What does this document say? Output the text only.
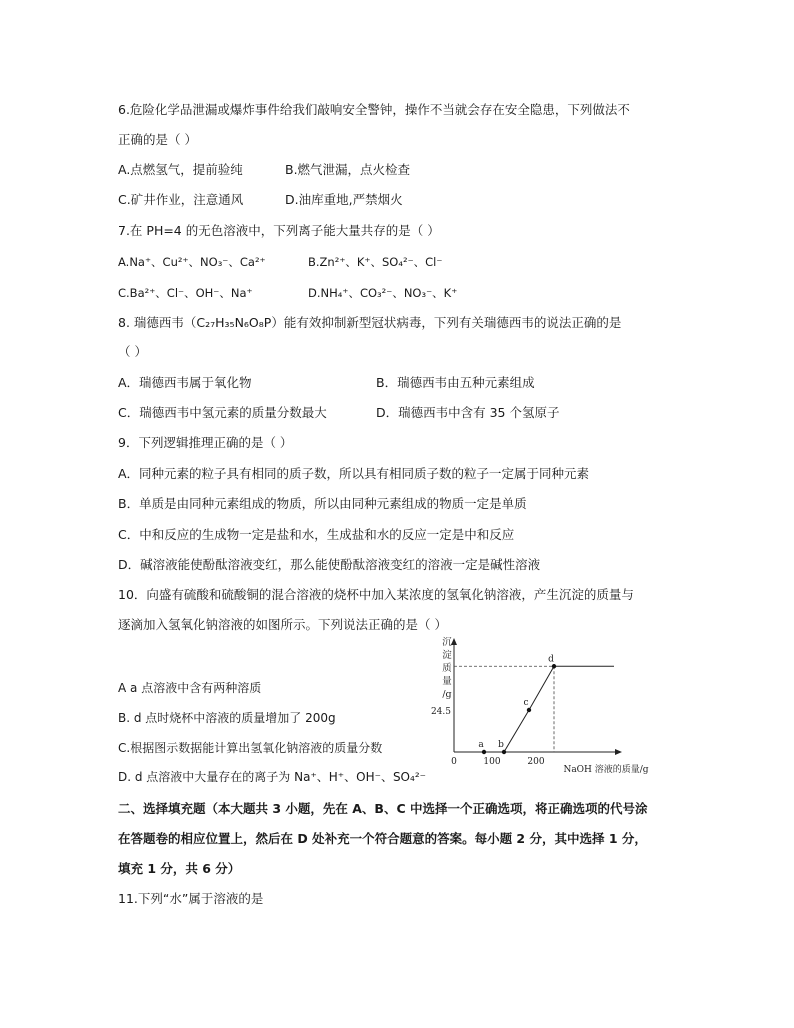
6.危险化学品泄漏或爆炸事件给我们敲响安全警钟，操作不当就会存在安全隐患，下列做法不
正确的是（ ）
A.点燃氢气，提前验纯	B.燃气泄漏，点火检查
C.矿井作业，注意通风	D.油库重地,严禁烟火
7.在 PH=4 的无色溶液中，下列离子能大量共存的是（ ）
A.Na⁺、Cu²⁺、NO₃⁻、Ca²⁺	B.Zn²⁺、K⁺、SO₄²⁻、Cl⁻
C.Ba²⁺、Cl⁻、OH⁻、Na⁺	D.NH₄⁺、CO₃²⁻、NO₃⁻、K⁺
8. 瑞德西韦（C₂₇H₃₅N₆O₈P）能有效抑制新型冠状病毒，下列有关瑞德西韦的说法正确的是
（ ）
A．瑞德西韦属于氧化物	B．瑞德西韦由五种元素组成
C．瑞德西韦中氢元素的质量分数最大	D．瑞德西韦中含有 35 个氢原子
9．下列逻辑推理正确的是（ ）
A．同种元素的粒子具有相同的质子数，所以具有相同质子数的粒子一定属于同种元素
B．单质是由同种元素组成的物质，所以由同种元素组成的物质一定是单质
C．中和反应的生成物一定是盐和水，生成盐和水的反应一定是中和反应
D．碱溶液能使酚酞溶液变红，那么能使酚酞溶液变红的溶液一定是碱性溶液
10．向盛有硫酸和硫酸铜的混合溶液的烧杯中加入某浓度的氢氧化钠溶液，产生沉淀的质量与
逐滴加入氢氧化钠溶液的如图所示。下列说法正确的是（ ）
A a 点溶液中含有两种溶质
B. d 点时烧杯中溶液的质量增加了 200g
C.根据图示数据能计算出氢氧化钠溶液的质量分数
D. d 点溶液中大量存在的离子为 Na⁺、H⁺、OH⁻、SO₄²⁻
沉
淀
质
量
/g
0	100	200
24.5
a b
c
d
NaOH 溶液的质量/g
二、选择填充题（本大题共 3 小题，先在 A、B、C 中选择一个正确选项，将正确选项的代号涂
在答题卷的相应位置上，然后在 D 处补充一个符合题意的答案。每小题 2 分，其中选择 1 分，
填充 1 分，共 6 分）
11.下列“水”属于溶液的是
